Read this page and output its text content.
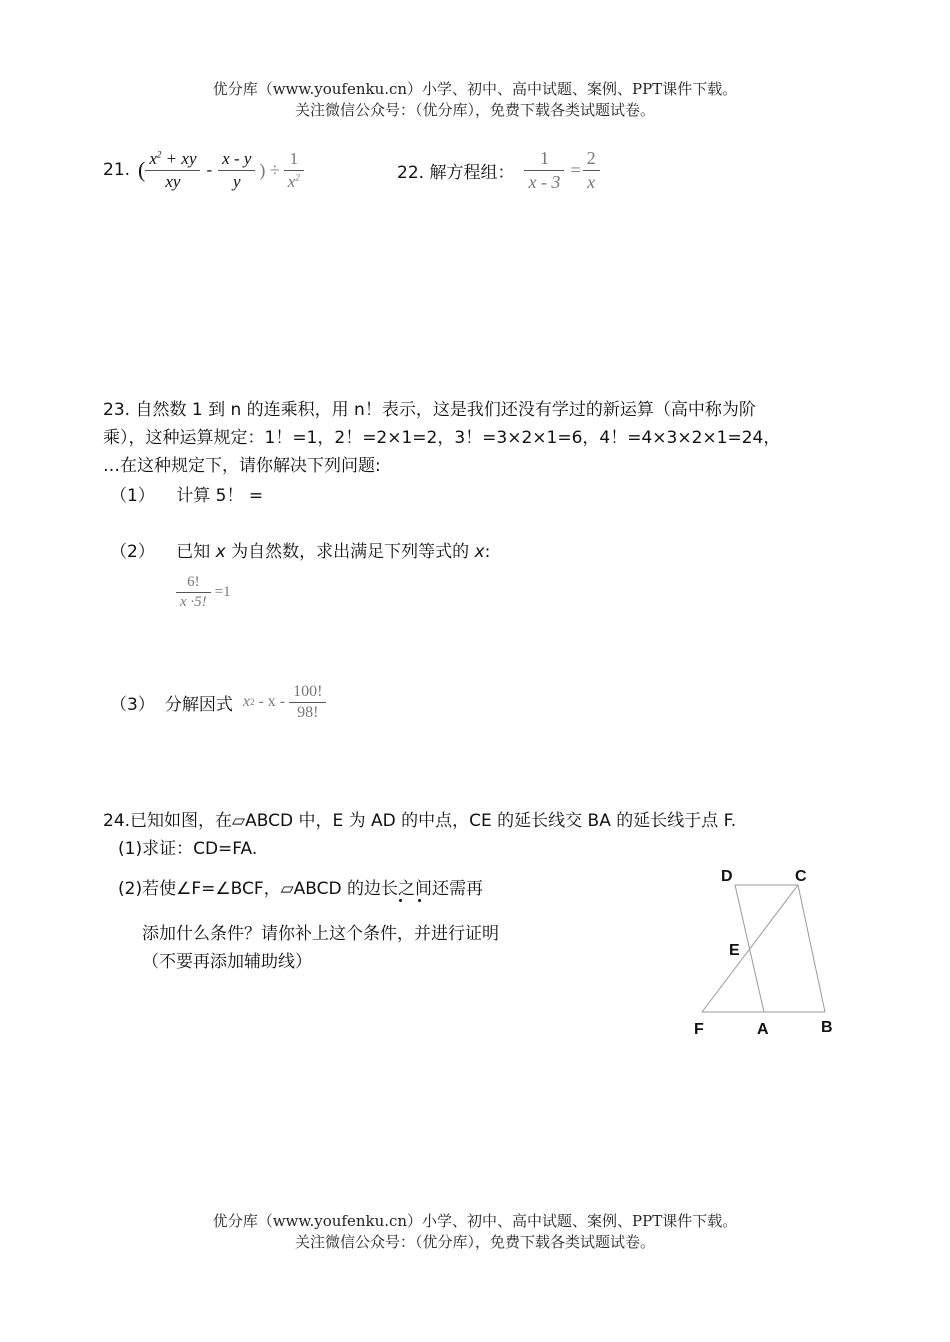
优分库（www.youfenku.cn）小学、初中、高中试题、案例、PPT课件下载。
关注微信公众号：（优分库），免费下载各类试题试卷。
21. ( $\frac{x^2 + xy}{xy} - \frac{x - y}{y}$ ) ÷ $\frac{1}{x^2}$	22. 解方程组： $\frac{1}{x - 3} = \frac{2}{x}$
23. 自然数 1 到 n 的连乘积，用 n！表示，这是我们还没有学过的新运算（高中称为阶
乘），这种运算规定：1！=1，2！=2×1=2，3！=3×2×1=6，4！=4×3×2×1=24，
…在这种规定下，请你解决下列问题:
（1） 计算 5！ =
（2） 已知 x 为自然数，求出满足下列等式的 x:
$\frac{6!}{x \cdot 5!} =1$
（3） 分解因式 x 2 - x - $\frac{100!}{98!}$
24.已知如图，在▱ABCD 中，E 为 AD 的中点，CE 的延长线交 BA 的延长线于点 F.
(1)求证：CD=FA.
(2)若使∠F=∠BCF，▱ABCD 的边长之间还需再
添加什么条件？请你补上这个条件，并进行证明
（不要再添加辅助线）
D	C
E
F	A	B
优分库（www.youfenku.cn）小学、初中、高中试题、案例、PPT课件下载。
关注微信公众号：（优分库），免费下载各类试题试卷。
